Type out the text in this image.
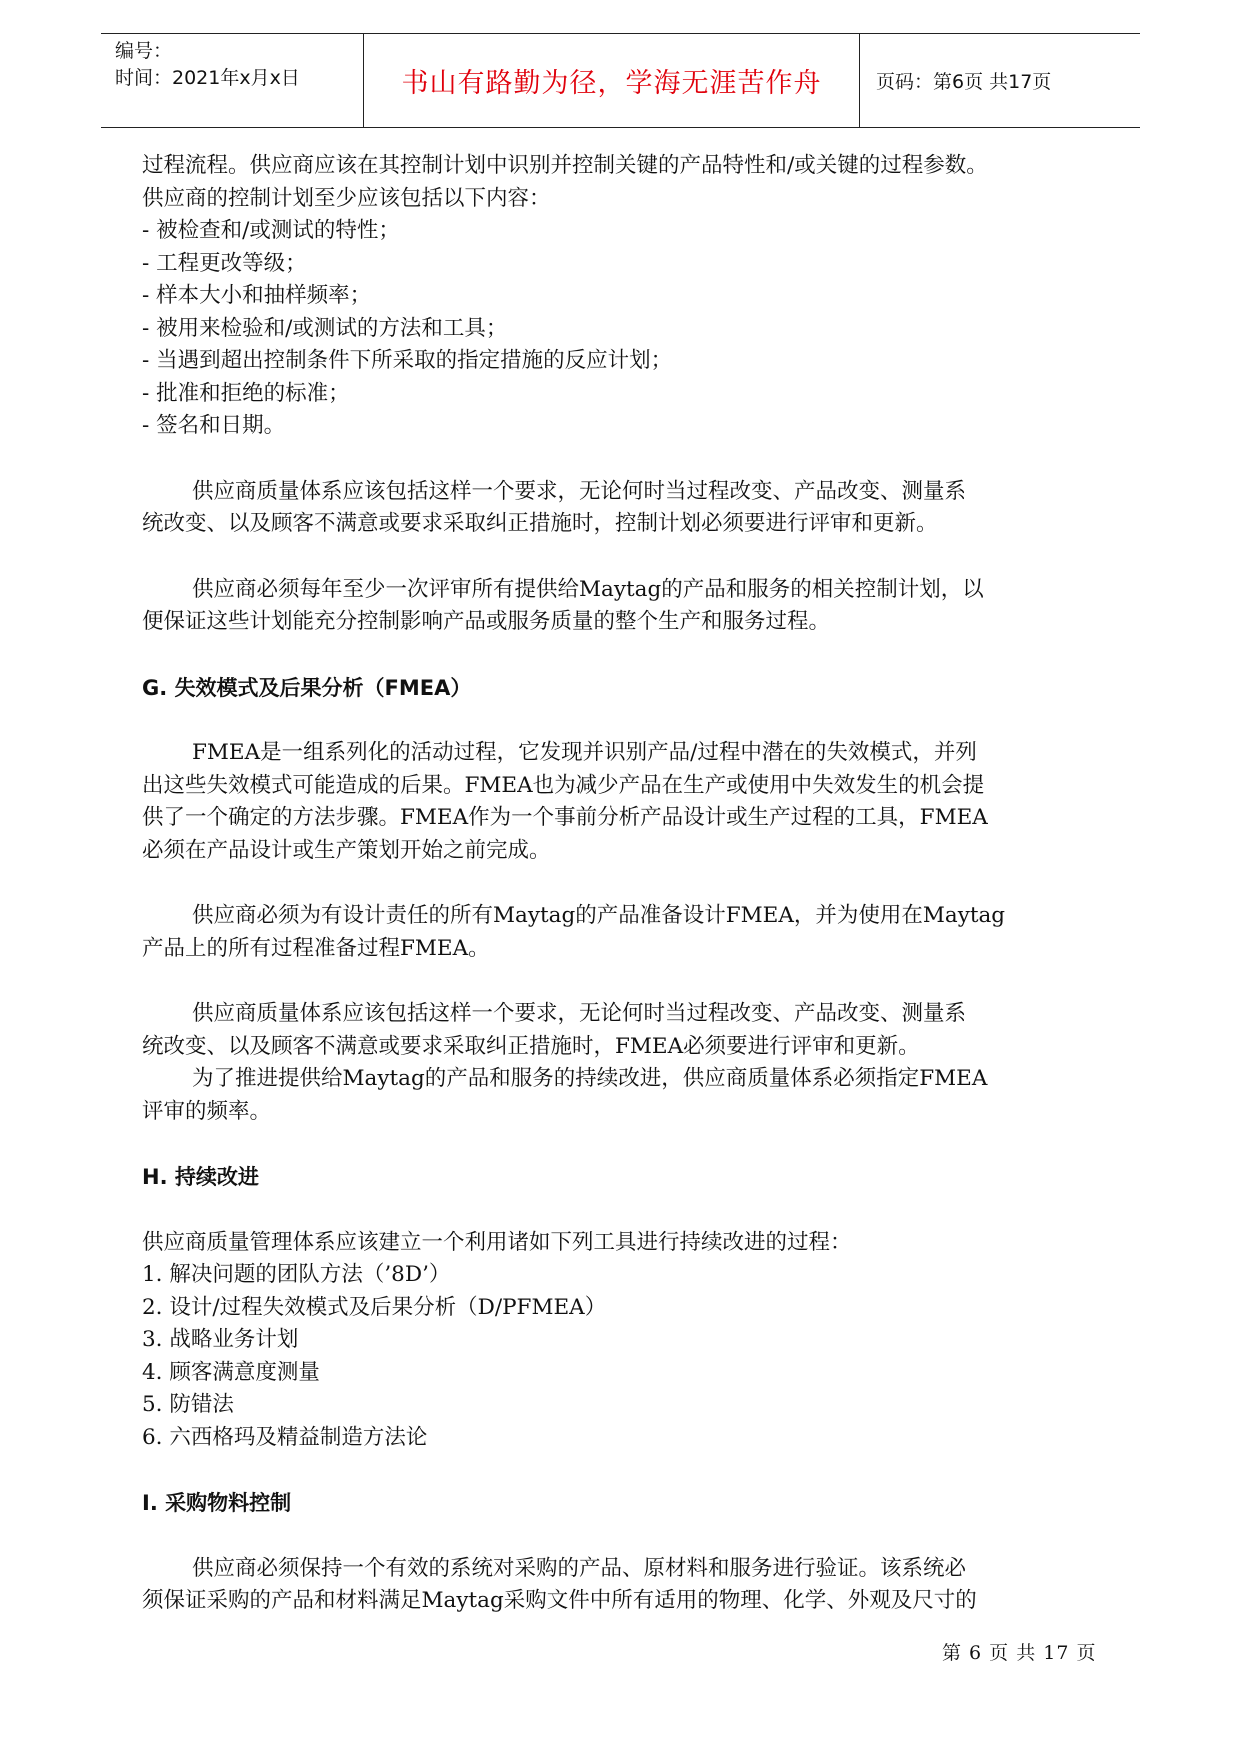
编号：
时间：2021年x月x日	书山有路勤为径，学海无涯苦作舟	页码：第6页 共17页
过程流程。供应商应该在其控制计划中识别并控制关键的产品特性和/或关键的过程参数。
供应商的控制计划至少应该包括以下内容：
- 被检查和/或测试的特性；
- 工程更改等级；
- 样本大小和抽样频率；
- 被用来检验和/或测试的方法和工具；
- 当遇到超出控制条件下所采取的指定措施的反应计划；
- 批准和拒绝的标准；
- 签名和日期。
供应商质量体系应该包括这样一个要求，无论何时当过程改变、产品改变、测量系
统改变、以及顾客不满意或要求采取纠正措施时，控制计划必须要进行评审和更新。
供应商必须每年至少一次评审所有提供给Maytag的产品和服务的相关控制计划，以
便保证这些计划能充分控制影响产品或服务质量的整个生产和服务过程。
G. 失效模式及后果分析（FMEA）
FMEA是一组系列化的活动过程，它发现并识别产品/过程中潜在的失效模式，并列
出这些失效模式可能造成的后果。FMEA也为减少产品在生产或使用中失效发生的机会提
供了一个确定的方法步骤。FMEA作为一个事前分析产品设计或生产过程的工具，FMEA
必须在产品设计或生产策划开始之前完成。
供应商必须为有设计责任的所有Maytag的产品准备设计FMEA，并为使用在Maytag
产品上的所有过程准备过程FMEA。
供应商质量体系应该包括这样一个要求，无论何时当过程改变、产品改变、测量系
统改变、以及顾客不满意或要求采取纠正措施时，FMEA必须要进行评审和更新。
为了推进提供给Maytag的产品和服务的持续改进，供应商质量体系必须指定FMEA
评审的频率。
H. 持续改进
供应商质量管理体系应该建立一个利用诸如下列工具进行持续改进的过程：
1. 解决问题的团队方法（’8D’）
2. 设计/过程失效模式及后果分析（D/PFMEA）
3. 战略业务计划
4. 顾客满意度测量
5. 防错法
6. 六西格玛及精益制造方法论
I. 采购物料控制
供应商必须保持一个有效的系统对采购的产品、原材料和服务进行验证。该系统必
须保证采购的产品和材料满足Maytag采购文件中所有适用的物理、化学、外观及尺寸的
第 6 页 共 17 页
